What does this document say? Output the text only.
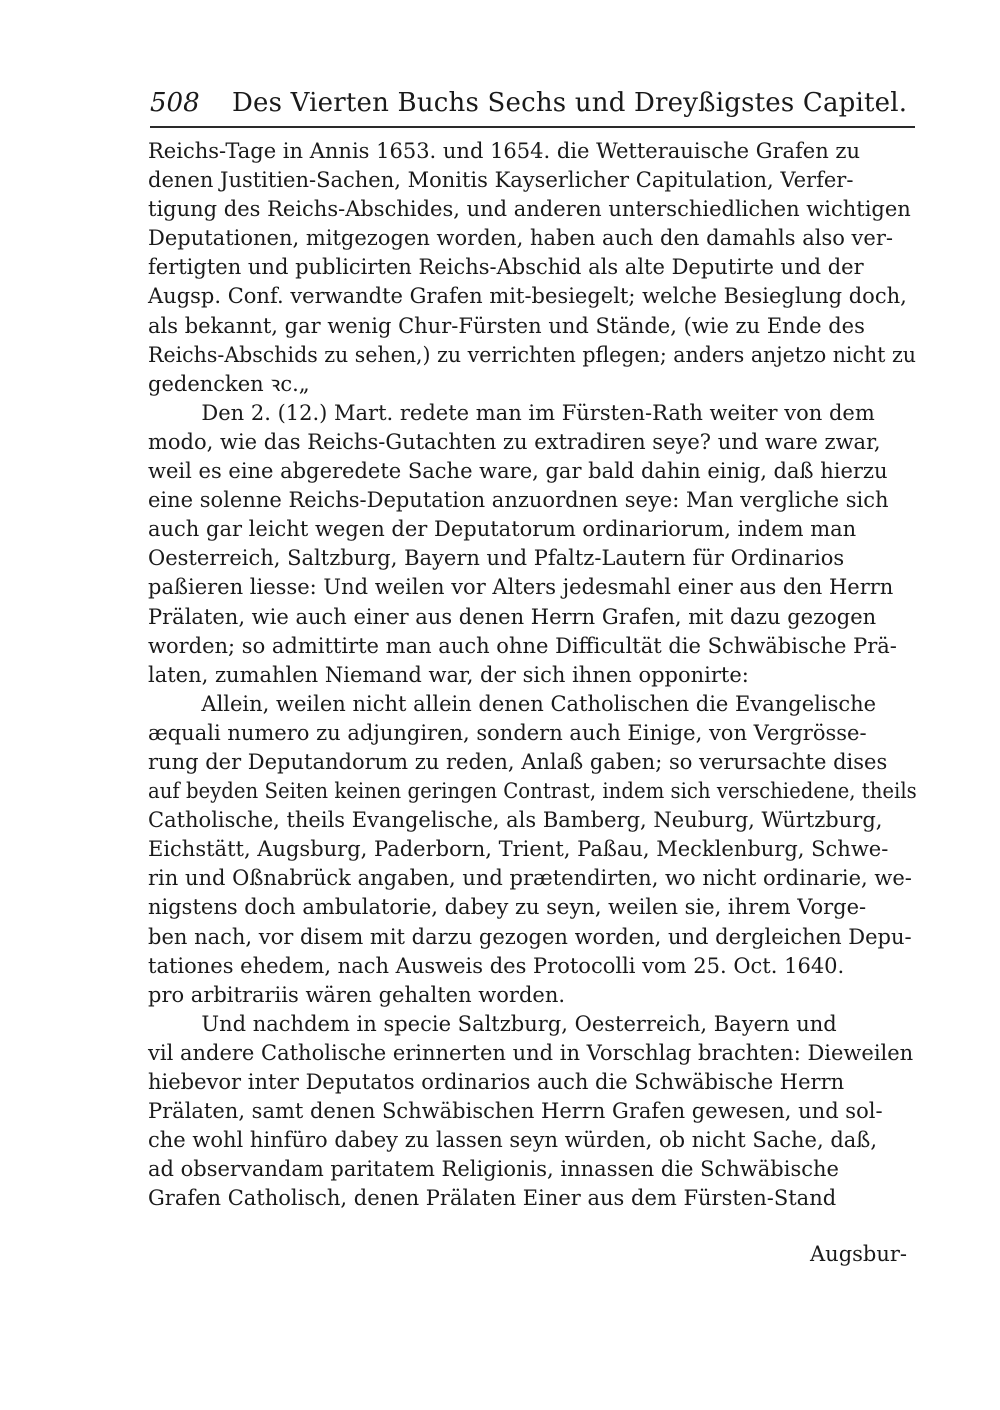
508 Des Vierten Buchs Sechs und Dreyßigstes Capitel.
Reichs-Tage in Annis 1653. und 1654. die Wetterauische Grafen zu
denen Justitien-Sachen, Monitis Kayserlicher Capitulation, Verfer-
tigung des Reichs-Abschides, und anderen unterschiedlichen wichtigen
Deputationen, mitgezogen worden, haben auch den damahls also ver-
fertigten und publicirten Reichs-Abschid als alte Deputirte und der
Augsp. Conf. verwandte Grafen mit-besiegelt; welche Besieglung doch,
als bekannt, gar wenig Chur-Fürsten und Stände, (wie zu Ende des
Reichs-Abschids zu sehen,) zu verrichten pflegen; anders anjetzo nicht zu
gedencken ꝛc.„
Den 2. (12.) Mart. redete man im Fürsten-Rath weiter von dem
modo, wie das Reichs-Gutachten zu extradiren seye? und ware zwar,
weil es eine abgeredete Sache ware, gar bald dahin einig, daß hierzu
eine solenne Reichs-Deputation anzuordnen seye: Man vergliche sich
auch gar leicht wegen der Deputatorum ordinariorum, indem man
Oesterreich, Saltzburg, Bayern und Pfaltz-Lautern für Ordinarios
paßieren liesse: Und weilen vor Alters jedesmahl einer aus den Herrn
Prälaten, wie auch einer aus denen Herrn Grafen, mit dazu gezogen
worden; so admittirte man auch ohne Difficultät die Schwäbische Prä-
laten, zumahlen Niemand war, der sich ihnen opponirte:
Allein, weilen nicht allein denen Catholischen die Evangelische
æquali numero zu adjungiren, sondern auch Einige, von Vergrösse-
rung der Deputandorum zu reden, Anlaß gaben; so verursachte dises
auf beyden Seiten keinen geringen Contrast, indem sich verschiedene, theils
Catholische, theils Evangelische, als Bamberg, Neuburg, Würtzburg,
Eichstätt, Augsburg, Paderborn, Trient, Paßau, Mecklenburg, Schwe-
rin und Oßnabrück angaben, und prætendirten, wo nicht ordinarie, we-
nigstens doch ambulatorie, dabey zu seyn, weilen sie, ihrem Vorge-
ben nach, vor disem mit darzu gezogen worden, und dergleichen Depu-
tationes ehedem, nach Ausweis des Protocolli vom 25. Oct. 1640.
pro arbitrariis wären gehalten worden.
Und nachdem in specie Saltzburg, Oesterreich, Bayern und
vil andere Catholische erinnerten und in Vorschlag brachten: Dieweilen
hiebevor inter Deputatos ordinarios auch die Schwäbische Herrn
Prälaten, samt denen Schwäbischen Herrn Grafen gewesen, und sol-
che wohl hinfüro dabey zu lassen seyn würden, ob nicht Sache, daß,
ad observandam paritatem Religionis, innassen die Schwäbische
Grafen Catholisch, denen Prälaten Einer aus dem Fürsten-Stand
Augsbur-
